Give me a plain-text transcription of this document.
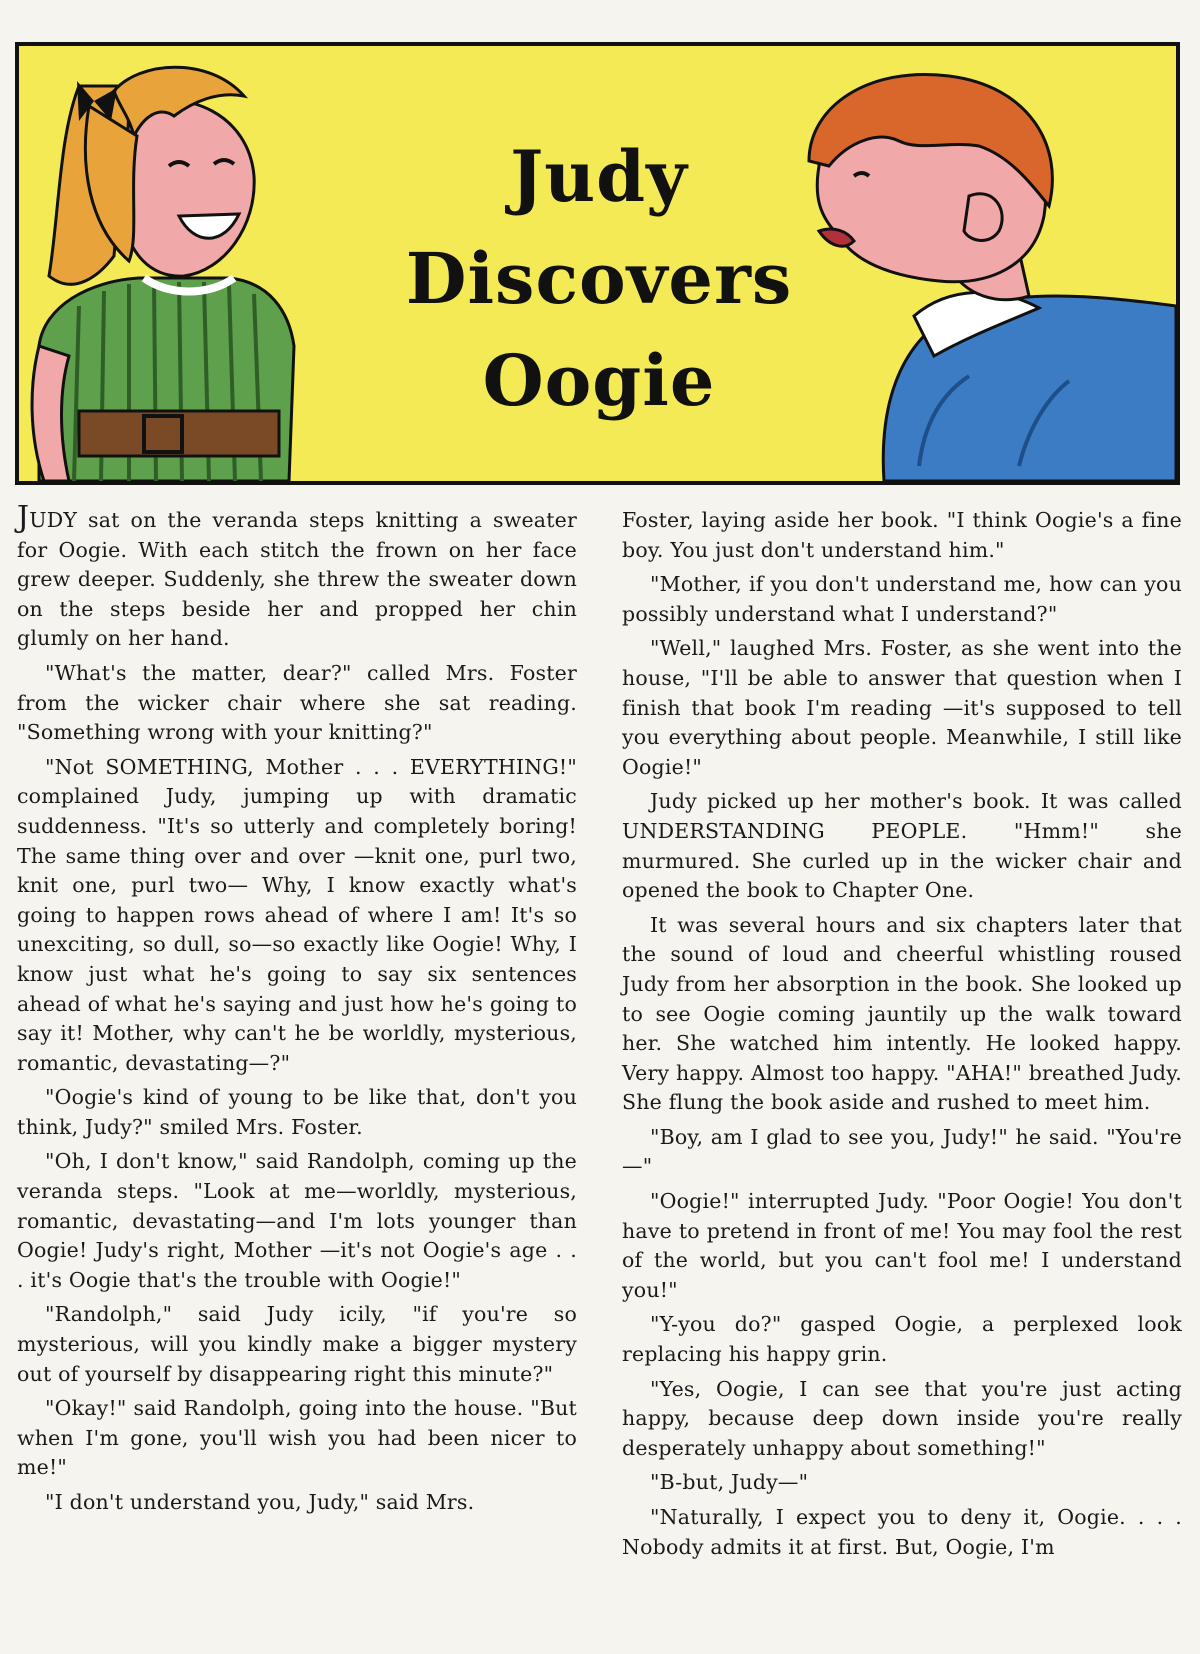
Judy
Discovers
Oogie

JUDY sat on the veranda steps knitting a sweater for Oogie. With each stitch the frown on her face grew deeper. Suddenly, she threw the sweater down on the steps beside her and propped her chin glumly on her hand.

"What's the matter, dear?" called Mrs. Foster from the wicker chair where she sat reading. "Something wrong with your knitting?"

"Not SOMETHING, Mother . . . EVERYTHING!" complained Judy, jumping up with dramatic suddenness. "It's so utterly and completely boring! The same thing over and over —knit one, purl two, knit one, purl two— Why, I know exactly what's going to happen rows ahead of where I am! It's so unexciting, so dull, so—so exactly like Oogie! Why, I know just what he's going to say six sentences ahead of what he's saying and just how he's going to say it! Mother, why can't he be worldly, mysterious, romantic, devastating—?"

"Oogie's kind of young to be like that, don't you think, Judy?" smiled Mrs. Foster.

"Oh, I don't know," said Randolph, coming up the veranda steps. "Look at me—worldly, mysterious, romantic, devastating—and I'm lots younger than Oogie! Judy's right, Mother —it's not Oogie's age . . . it's Oogie that's the trouble with Oogie!"

"Randolph," said Judy icily, "if you're so mysterious, will you kindly make a bigger mystery out of yourself by disappearing right this minute?"

"Okay!" said Randolph, going into the house. "But when I'm gone, you'll wish you had been nicer to me!"

"I don't understand you, Judy," said Mrs.

Foster, laying aside her book. "I think Oogie's a fine boy. You just don't understand him."

"Mother, if you don't understand me, how can you possibly understand what I understand?"

"Well," laughed Mrs. Foster, as she went into the house, "I'll be able to answer that question when I finish that book I'm reading —it's supposed to tell you everything about people. Meanwhile, I still like Oogie!"

Judy picked up her mother's book. It was called UNDERSTANDING PEOPLE. "Hmm!" she murmured. She curled up in the wicker chair and opened the book to Chapter One.

It was several hours and six chapters later that the sound of loud and cheerful whistling roused Judy from her absorption in the book. She looked up to see Oogie coming jauntily up the walk toward her. She watched him intently. He looked happy. Very happy. Almost too happy. "AHA!" breathed Judy. She flung the book aside and rushed to meet him.

"Boy, am I glad to see you, Judy!" he said. "You're—"

"Oogie!" interrupted Judy. "Poor Oogie! You don't have to pretend in front of me! You may fool the rest of the world, but you can't fool me! I understand you!"

"Y-you do?" gasped Oogie, a perplexed look replacing his happy grin.

"Yes, Oogie, I can see that you're just acting happy, because deep down inside you're really desperately unhappy about something!"

"B-but, Judy—"

"Naturally, I expect you to deny it, Oogie. . . . Nobody admits it at first. But, Oogie, I'm
